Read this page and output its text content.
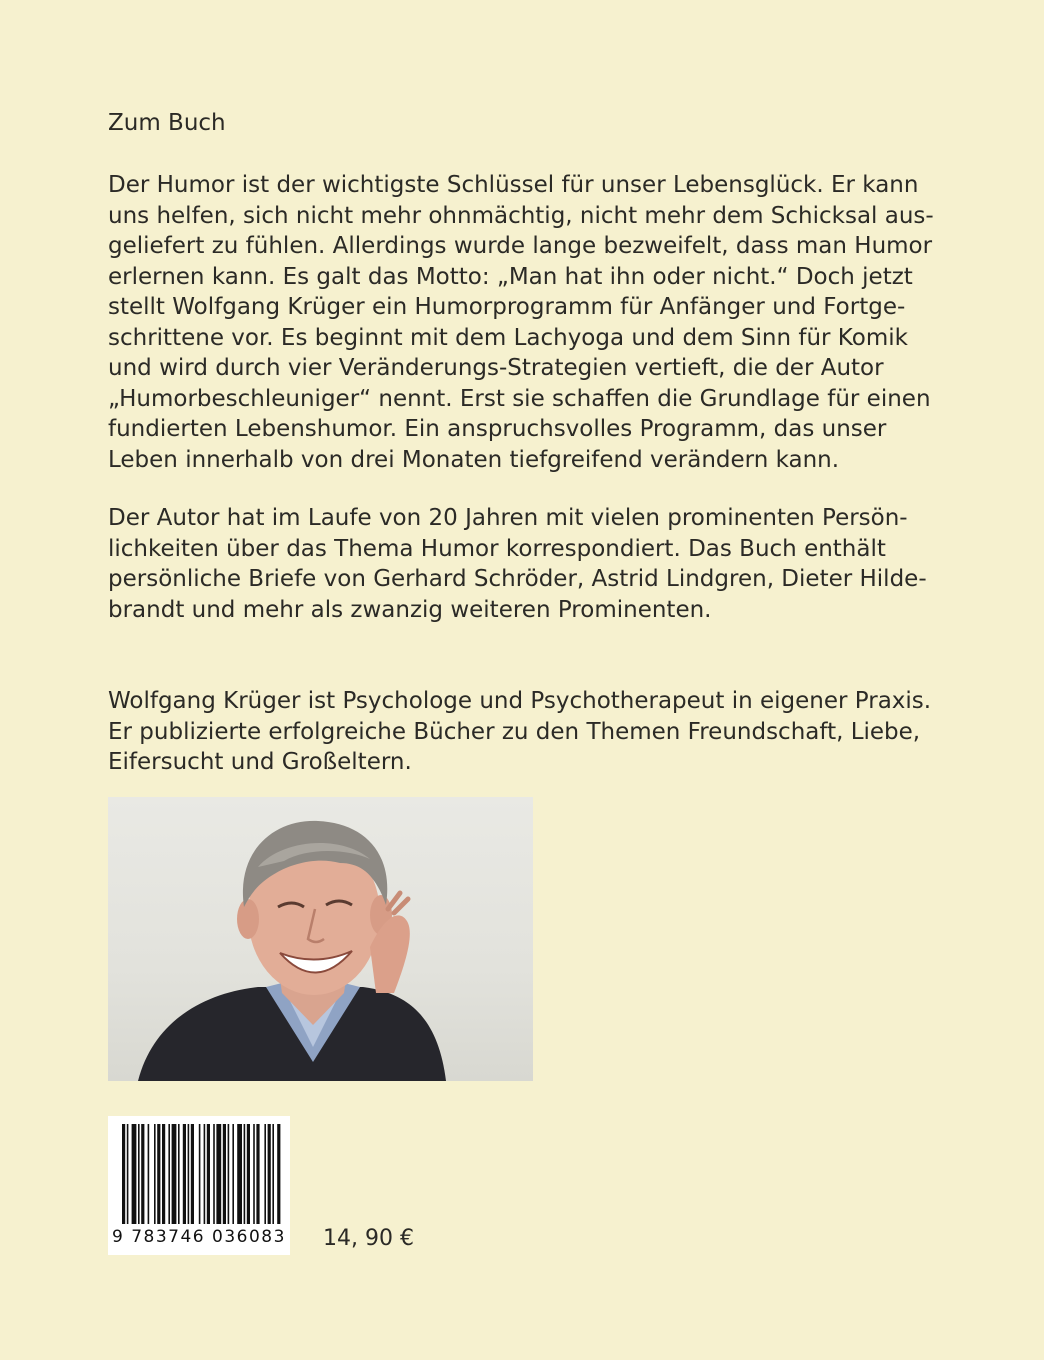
Zum Buch
Der Humor ist der wichtigste Schlüssel für unser Lebensglück. Er kann
uns helfen, sich nicht mehr ohnmächtig, nicht mehr dem Schicksal aus-
geliefert zu fühlen. Allerdings wurde lange bezweifelt, dass man Humor
erlernen kann. Es galt das Motto: „Man hat ihn oder nicht.“ Doch jetzt
stellt Wolfgang Krüger ein Humorprogramm für Anfänger und Fortge-
schrittene vor. Es beginnt mit dem Lachyoga und dem Sinn für Komik
und wird durch vier Veränderungs-Strategien vertieft, die der Autor
„Humorbeschleuniger“ nennt. Erst sie schaffen die Grundlage für einen
fundierten Lebenshumor. Ein anspruchsvolles Programm, das unser
Leben innerhalb von drei Monaten tiefgreifend verändern kann.
Der Autor hat im Laufe von 20 Jahren mit vielen prominenten Persön-
lichkeiten über das Thema Humor korrespondiert. Das Buch enthält
persönliche Briefe von Gerhard Schröder, Astrid Lindgren, Dieter Hilde-
brandt und mehr als zwanzig weiteren Prominenten.
Wolfgang Krüger ist Psychologe und Psychotherapeut in eigener Praxis.
Er publizierte erfolgreiche Bücher zu den Themen Freundschaft, Liebe,
Eifersucht und Großeltern.
9 783746 036083 14, 90 €
